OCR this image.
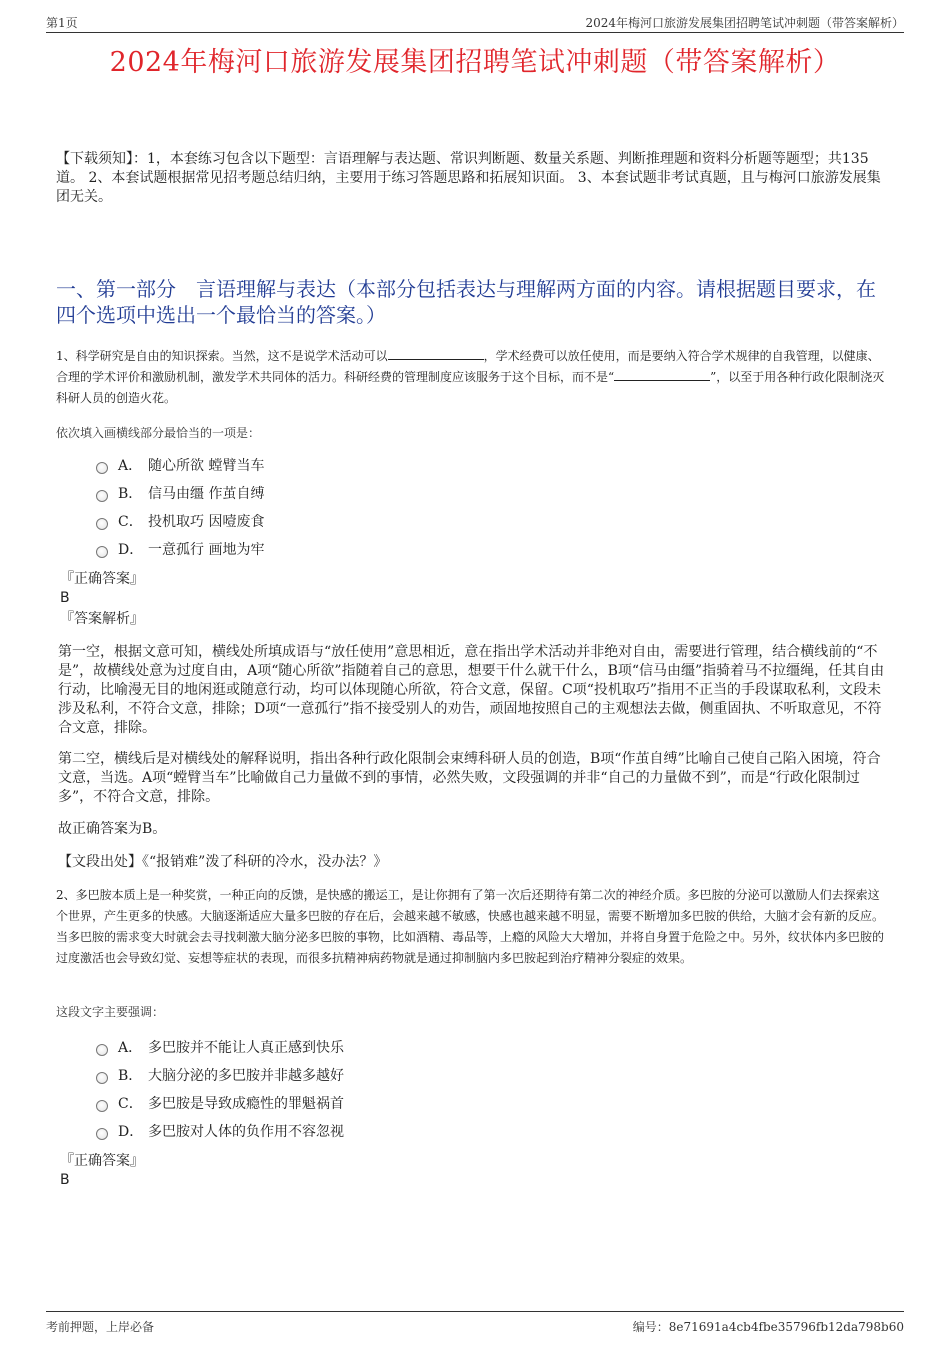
第1页	2024年梅河口旅游发展集团招聘笔试冲刺题（带答案解析）
2024年梅河口旅游发展集团招聘笔试冲刺题（带答案解析）
【下载须知】：1，本套练习包含以下题型：言语理解与表达题、常识判断题、数量关系题、判断推理题和资料分析题等题型；共135道。 2、本套试题根据常见招考题总结归纳，主要用于练习答题思路和拓展知识面。 3、本套试题非考试真题，且与梅河口旅游发展集团无关。
一、第一部分　言语理解与表达（本部分包括表达与理解两方面的内容。请根据题目要求，在四个选项中选出一个最恰当的答案。）
1、科学研究是自由的知识探索。当然，这不是说学术活动可以	，学术经费可以放任使用，而是要纳入符合学术规律的自我管理，以健康、合理的学术评价和激励机制，激发学术共同体的活力。科研经费的管理制度应该服务于这个目标，而不是“	”，以至于用各种行政化限制浇灭科研人员的创造火花。
依次填入画横线部分最恰当的一项是：
A． 随心所欲 螳臂当车
B． 信马由缰 作茧自缚
C． 投机取巧 因噎废食
D． 一意孤行 画地为牢
『正确答案』
B
『答案解析』
第一空，根据文意可知，横线处所填成语与“放任使用”意思相近，意在指出学术活动并非绝对自由，需要进行管理，结合横线前的“不是”，故横线处意为过度自由，A项“随心所欲”指随着自己的意思，想要干什么就干什么，B项“信马由缰”指骑着马不拉缰绳，任其自由行动，比喻漫无目的地闲逛或随意行动，均可以体现随心所欲，符合文意，保留。C项“投机取巧”指用不正当的手段谋取私利，文段未涉及私利，不符合文意，排除；D项“一意孤行”指不接受别人的劝告，顽固地按照自己的主观想法去做，侧重固执、不听取意见，不符合文意，排除。
第二空，横线后是对横线处的解释说明，指出各种行政化限制会束缚科研人员的创造，B项“作茧自缚”比喻自己使自己陷入困境，符合文意，当选。A项“螳臂当车”比喻做自己力量做不到的事情，必然失败，文段强调的并非“自己的力量做不到”，而是“行政化限制过多”，不符合文意，排除。
故正确答案为B。
【文段出处】《“报销难”泼了科研的冷水，没办法？》
2、多巴胺本质上是一种奖赏，一种正向的反馈，是快感的搬运工，是让你拥有了第一次后还期待有第二次的神经介质。多巴胺的分泌可以激励人们去探索这个世界，产生更多的快感。大脑逐渐适应大量多巴胺的存在后，会越来越不敏感，快感也越来越不明显，需要不断增加多巴胺的供给，大脑才会有新的反应。当多巴胺的需求变大时就会去寻找刺激大脑分泌多巴胺的事物，比如酒精、毒品等，上瘾的风险大大增加，并将自身置于危险之中。另外，纹状体内多巴胺的过度激活也会导致幻觉、妄想等症状的表现，而很多抗精神病药物就是通过抑制脑内多巴胺起到治疗精神分裂症的效果。
这段文字主要强调：
A． 多巴胺并不能让人真正感到快乐
B． 大脑分泌的多巴胺并非越多越好
C． 多巴胺是导致成瘾性的罪魁祸首
D． 多巴胺对人体的负作用不容忽视
『正确答案』
B
考前押题，上岸必备	编号：8e71691a4cb4fbe35796fb12da798b60
